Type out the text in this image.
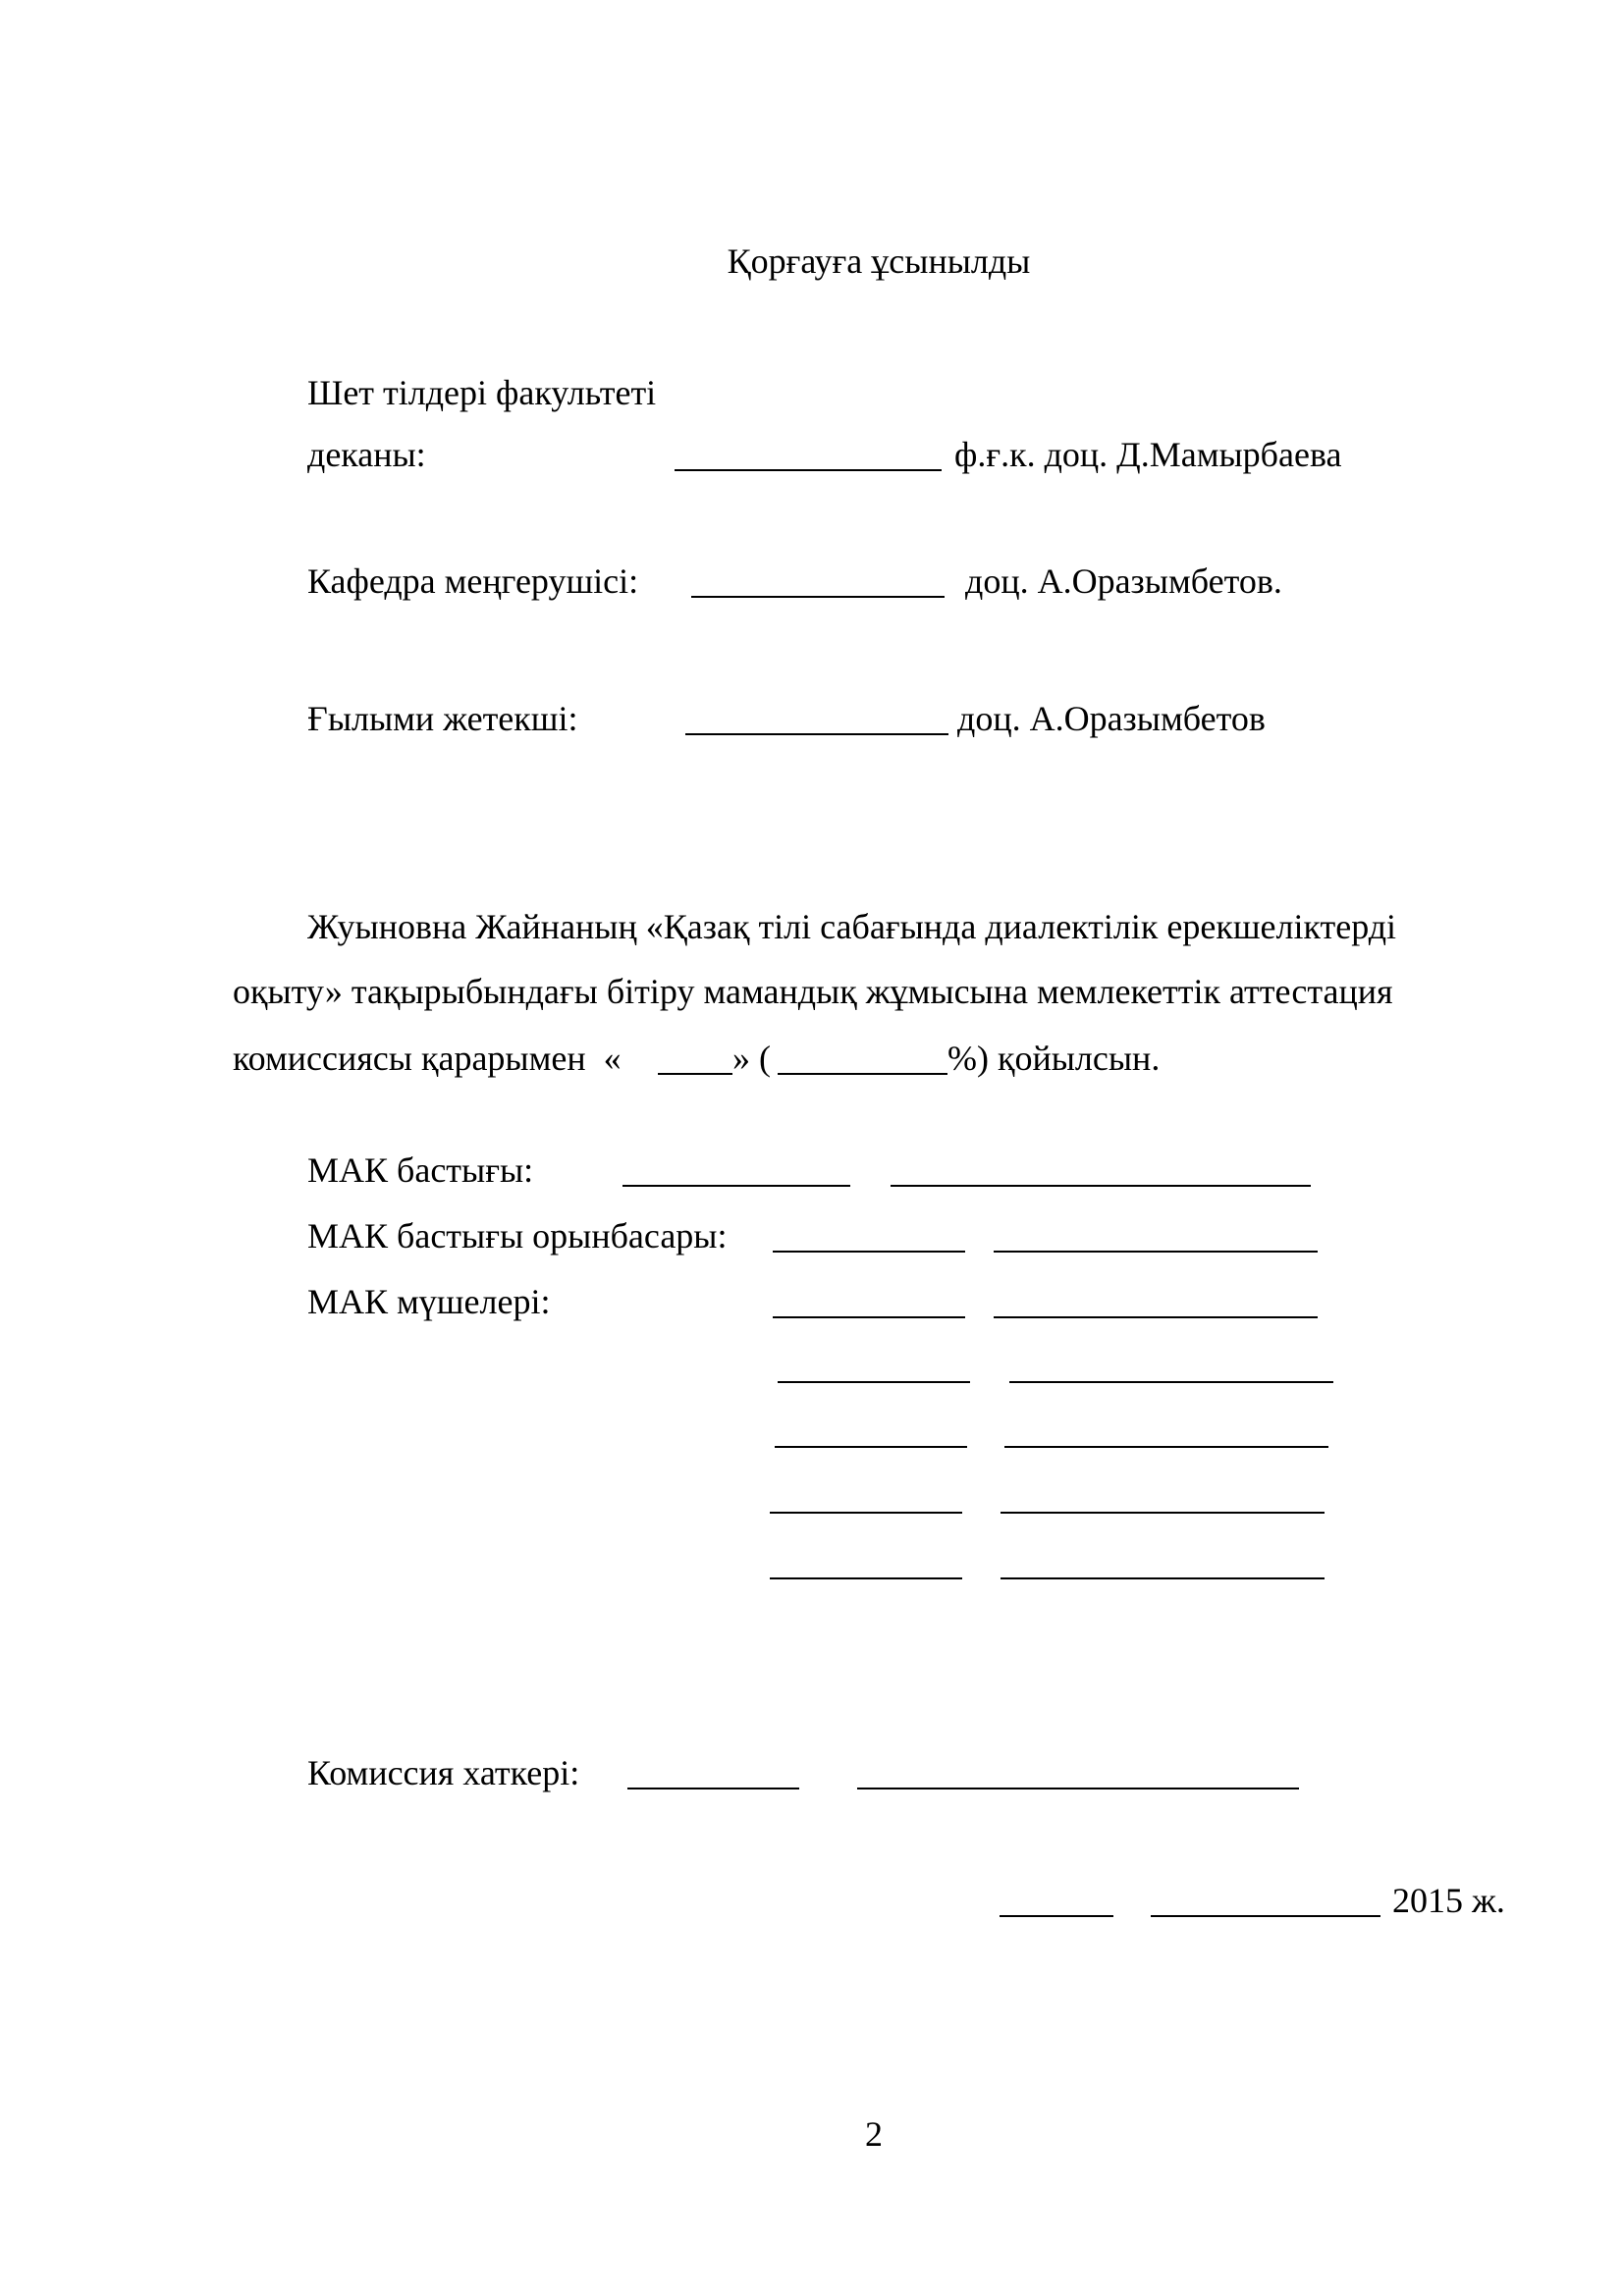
Қорғауға ұсынылды
Шет тілдері факультеті
деканы:	ф.ғ.к. доц. Д.Мамырбаева
Кафедра меңгерушісі:	доц. А.Оразымбетов.
Ғылыми жетекші:	доц. А.Оразымбетов
Жуыновна Жайнаның «Қазақ тілі сабағында диалектілік ерекшеліктерді
оқыту» тақырыбындағы бітіру мамандық жұмысына мемлекеттік аттестация
комиссиясы қарарымен  «	» (	%) қойылсын.
МАК бастығы:
МАК бастығы орынбасары:
МАК мүшелері:
Комиссия хаткері:
2015 ж.
2
